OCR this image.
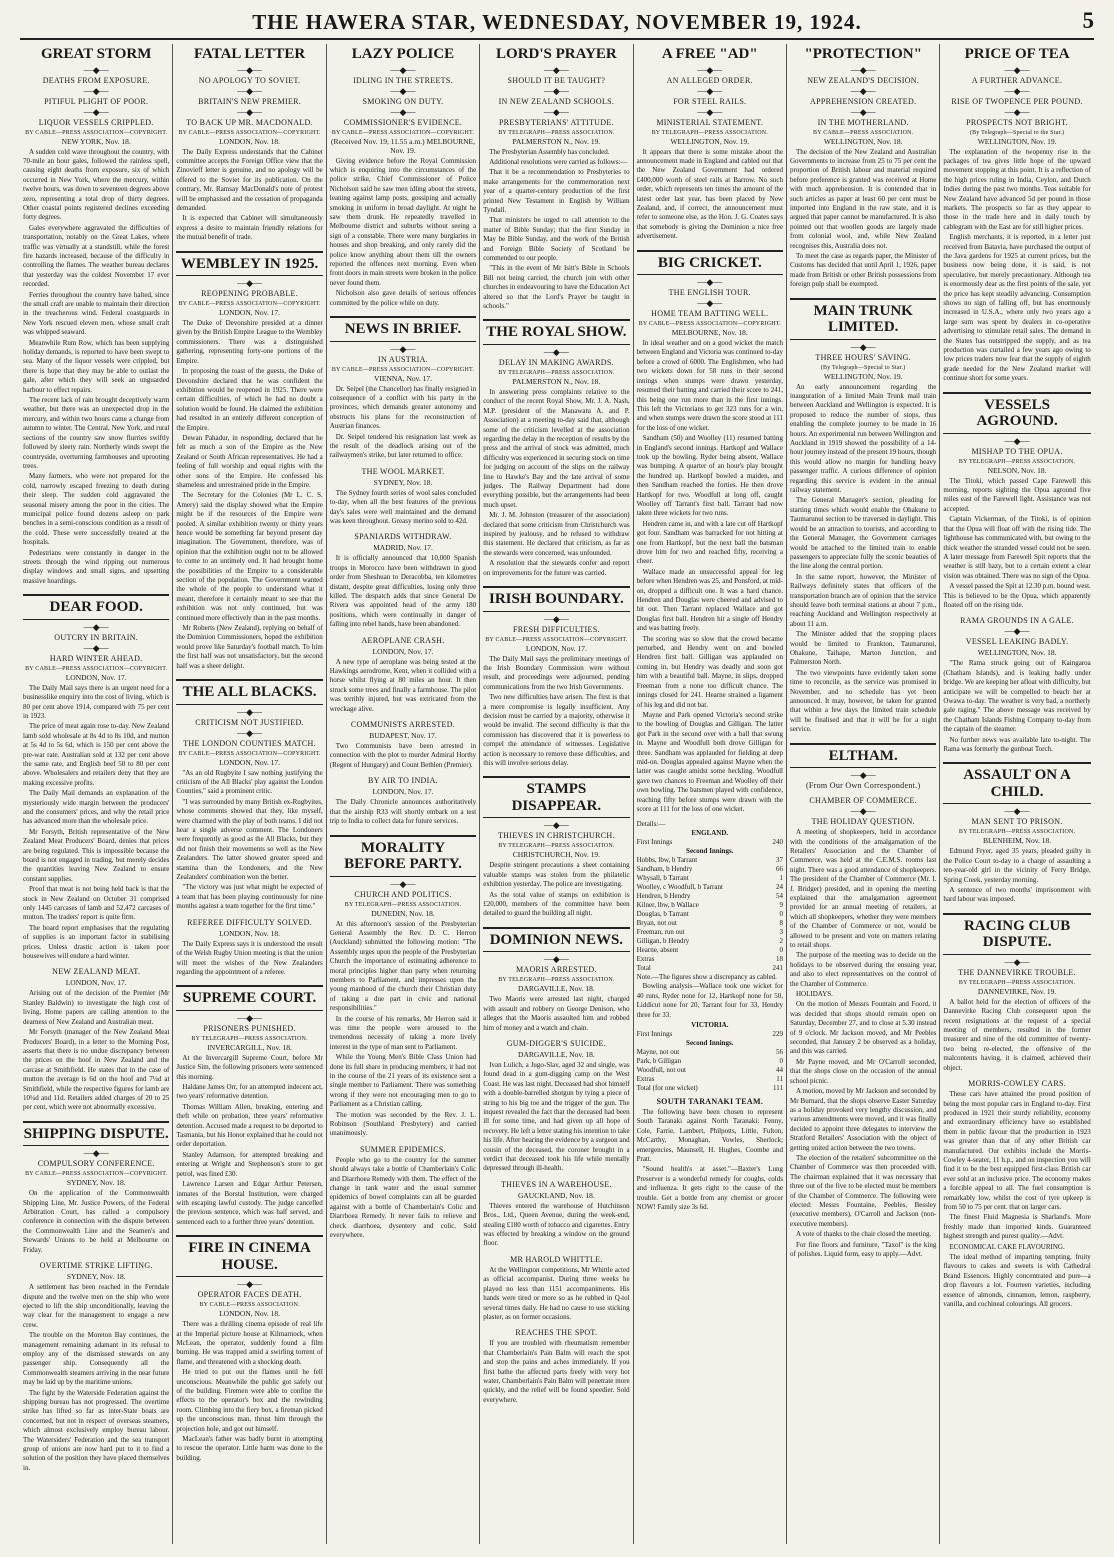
THE HAWERA STAR, WEDNESDAY, NOVEMBER 19, 1924.	5
GREAT STORM
—◆—
DEATHS FROM EXPOSURE.
—◆—
PITIFUL PLIGHT OF POOR.
—◆—
LIQUOR VESSELS CRIPPLED.
BY CABLE—PRESS ASSOCIATION—COPYRIGHT.
NEW YORK, Nov. 18.

A sudden cold wave throughout the country, with 70-mile an hour gales, followed the rainless spell, causing eight deaths from exposure, six of which occurred in New York, where the mercury, within twelve hours, was down to seventeen degrees above zero, representing a total drop of thirty degrees. Other coastal points registered declines exceeding forty degrees.

Gales everywhere aggravated the difficulties of transportation, notably on the Great Lakes, where traffic was virtually at a standstill, while the forest fire hazards increased, because of the difficulty in controlling the flames. The weather bureau declares that yesterday was the coldest November 17 ever recorded.

Ferries throughout the country have halted, since the small craft are unable to maintain their direction in the treacherous wind. Federal coastguards in New York rescued eleven men, whose small craft was whipped seaward.

Meanwhile Rum Row, which has been supplying holiday demands, is reported to have been swept to sea. Many of the liquor vessels were crippled, but there is hope that they may be able to outlast the gale, after which they will seek an unguarded harbour to effect repairs.

The recent lack of rain brought deceptively warm weather, but there was an unexpected drop in the mercury, and within two hours came a change from autumn to winter. The Central, New York, and rural sections of the country saw snow flurries swiftly followed by sleety rain. Northerly winds swept the countryside, overturning farmhouses and uprooting trees.

Many farmers, who were not prepared for the cold, narrowly escaped freezing to death during their sleep. The sudden cold aggravated the seasonal misery among the poor in the cities. The municipal police found dozens asleep on park benches in a semi-conscious condition as a result of the cold. These were successfully treated at the hospitals.

Pedestrians were constantly in danger in the streets through the wind ripping out numerous display windows and small signs, and upsetting massive hoardings.

DEAR FOOD.
—◆—
OUTCRY IN BRITAIN.
—◆—
HARD WINTER AHEAD.
BY CABLE—PRESS ASSOCIATION—COPYRIGHT.
LONDON, Nov. 17.

The Daily Mail says there is an urgent need for a businesslike enquiry into the cost of living, which is 80 per cent above 1914, compared with 75 per cent in 1923.

The price of meat again rose to-day. New Zealand lamb sold wholesale at 8s 4d to 8s 10d, and mutton at 5s 4d to 5s 6d, which is 150 per cent above the pre-war rate. Australian sold at 132 per cent above the same rate, and English beef 50 to 80 per cent above. Wholesalers and retailers deny that they are making excessive profits.

The Daily Mail demands an explanation of the mysteriously wide margin between the producers' and the consumers' prices, and why the retail price has advanced more than the wholesale price.

Mr Forsyth, British representative of the New Zealand Meat Producers' Board, denies that prices are being regulated. This is impossible because the board is not engaged in trading, but merely decides the quantities leaving New Zealand to ensure constant supplies.

Proof that meat is not being held back is that the stock in New Zealand on October 31 comprised only 1445 carcases of lamb and 52,472 carcases of mutton. The traders' report is quite firm.

The board report emphasises that the regulating of supplies is an important factor in stabilising prices. Unless drastic action is taken poor housewives will endure a hard winter.

NEW ZEALAND MEAT.
LONDON, Nov. 17.

Arising out of the decision of the Premier (Mr Stanley Baldwin) to investigate the high cost of living, Home papers are calling attention to the dearness of New Zealand and Australian meat.

Mr Forsyth (manager of the New Zealand Meat Producers' Board), in a letter to the Morning Post, asserts that there is no undue discrepancy between the prices on the hoof in New Zealand and the carcase at Smithfield. He states that in the case of mutton the average is 6d on the hoof and 7¼d at Smithfield, while the respective figures for lamb are 10¼d and 11d. Retailers added charges of 20 to 25 per cent, which were not abnormally excessive.

SHIPPING DISPUTE.
—◆—
COMPULSORY CONFERENCE.
BY CABLE—PRESS ASSOCIATION—COPYRIGHT.
SYDNEY, Nov. 18.

On the application of the Commonwealth Shipping Line, Mr. Justice Powers, of the Federal Arbitration Court, has called a compulsory conference in connection with the dispute between the Commonwealth Line and the Seamen's and Stewards' Unions to be held at Melbourne on Friday.

OVERTIME STRIKE LIFTING.
SYDNEY, Nov. 18.

A settlement has been reached in the Ferndale dispute and the twelve men on the ship who were ejected to lift the ship unconditionally, leaving the way clear for the management to engage a new crew.

The trouble on the Moreton Bay continues, the management remaining adamant in its refusal to employ any of the dismissed stewards on any passenger ship. Consequently all the Commonwealth steamers arriving in the near future may be laid up by the maritime unions.

The fight by the Waterside Federation against the shipping bureau has not progressed. The overtime strike has lifted so far as inter-State boats are concerned, but not in respect of overseas steamers, which almost exclusively employ bureau labour. The Watersiders' Federation and the sea transport group of unions are now hard put to it to find a solution of the position they have placed themselves in.

FATAL LETTER
—◆—
NO APOLOGY TO SOVIET.
—◆—
BRITAIN'S NEW PREMIER.
—◆—
TO BACK UP MR. MACDONALD.
BY CABLE—PRESS ASSOCIATION—COPYRIGHT.
LONDON, Nov. 18.

The Daily Express understands that the Cabinet committee accepts the Foreign Office view that the Zinovieff letter is genuine, and no apology will be offered to the Soviet for its publication. On the contrary, Mr. Ramsay MacDonald's note of protest will be emphasised and the cessation of propaganda demanded.

It is expected that Cabinet will simultaneously express a desire to maintain friendly relations for the mutual benefit of trade.

WEMBLEY IN 1925.
—◆—
REOPENING PROBABLE.
BY CABLE—PRESS ASSOCIATION—COPYRIGHT.
LONDON, Nov. 17.

The Duke of Devonshire presided at a dinner given by the British Empire League to the Wembley commissioners. There was a distinguished gathering, representing forty-one portions of the Empire.

In proposing the toast of the guests, the Duke of Devonshire declared that he was confident the exhibition would be reopened in 1925. There were certain difficulties, of which he had no doubt a solution would be found. He claimed the exhibition had resulted in an entirely different conception of the Empire.

Dewan Pahadur, in responding, declared that he felt as much a son of the Empire as the New Zealand or South African representatives. He had a feeling of full worship and equal rights with the other sons of the Empire. He confessed his shameless and unrestrained pride in the Empire.

The Secretary for the Colonies (Mr L. C. S. Amery) said the display showed what the Empire might be if the resources of the Empire were pooled. A similar exhibition twenty or thirty years hence would be something far beyond present day imagination. The Government, therefore, was of opinion that the exhibition ought not to be allowed to come to an untimely end. It had brought home the possibilities of the Empire to a considerable section of the population. The Government wanted the whole of the people to understand what it meant, therefore it certainly meant to see that the exhibition was not only continued, but was continued more effectively than in the past months.

Mr Roberts (New Zealand), replying on behalf of the Dominion Commissioners, hoped the exhibition would prove like Saturday's football match. To him the first half was not unsatisfactory, but the second half was a sheer delight.

THE ALL BLACKS.
—◆—
CRITICISM NOT JUSTIFIED.
—◆—
THE LONDON COUNTIES MATCH.
BY CABLE—PRESS ASSOCIATION—COPYRIGHT.
LONDON, Nov. 17.

"As an old Rugbyite I saw nothing justifying the criticism of the All Blacks' play against the London Counties," said a prominent critic.

"I was surrounded by many British ex-Rugbyites, whose comments showed that they, like myself, were charmed with the play of both teams. I did not hear a single adverse comment. The Londoners were frequently as good as the All Blacks, but they did not finish their movements so well as the New Zealanders. The latter showed greater speed and stamina than the Londoners, and the New Zealanders' combination won the better.

"The victory was just what might be expected of a team that has been playing continuously for nine months against a team together for the first time."

REFEREE DIFFICULTY SOLVED.
LONDON, Nov. 18.

The Daily Express says it is understood the result of the Welsh Rugby Union meeting is that the union will meet the wishes of the New Zealanders regarding the appointment of a referee.

SUPREME COURT.
—◆—
PRISONERS PUNISHED.
BY TELEGRAPH—PRESS ASSOCIATION.
INVERCARGILL, Nov. 18.

At the Invercargill Supreme Court, before Mr Justice Sim, the following prisoners were sentenced this morning.

Haldane James Orr, for an attempted indecent act, two years' reformative detention.

Thomas William Allen, breaking, entering and theft while on probation, three years' reformative detention. Accused made a request to be deported to Tasmania, but his Honor explained that he could not order deportation.

Stanley Adamson, for attempted breaking and entering at Wright and Stephenson's store to get petrol, was fined £30.

Lawrence Larsen and Edgar Arthur Petersen, inmates of the Borstal Institution, were charged with escaping lawful custody. The judge cancelled the previous sentence, which was half served, and sentenced each to a further three years' detention.

FIRE IN CINEMA HOUSE.
—◆—
OPERATOR FACES DEATH.
BY CABLE—PRESS ASSOCIATION.
LONDON, Nov. 18.

There was a thrilling cinema episode of real life at the Imperial picture house at Kilmarnock, when McLean, the operator, suddenly found a film burning. He was trapped amid a swirling torrent of flame, and threatened with a shocking death.

He tried to put out the flames until he fell unconscious. Meanwhile the public got safely out of the building. Firemen were able to confine the effects to the operator's box and the rewinding room. Climbing into the fiery box, a fireman picked up the unconscious man, thrust him through the projection hole, and got out himself.

MacLean's father was badly burnt in attempting to rescue the operator. Little harm was done to the building.

LAZY POLICE
—◆—
IDLING IN THE STREETS.
—◆—
SMOKING ON DUTY.
—◆—
COMMISSIONER'S EVIDENCE.
BY CABLE—PRESS ASSOCIATION—COPYRIGHT.
(Received Nov. 19, 11.55 a.m.) MELBOURNE, Nov. 19.

Giving evidence before the Royal Commission which is enquiring into the circumstances of the police strike, Chief Commissioner of Police Nicholson said he saw men idling about the streets, leaning against lamp posts, gossiping and actually smoking in uniform in broad daylight. At night he saw them drunk. He repeatedly travelled in Melbourne district and suburbs without seeing a sign of a constable. There were many burglaries in houses and shop breaking, and only rarely did the police know anything about them till the owners reported the offences next morning. Even when front doors in main streets were broken in the police never found them.

Nicholson also gave details of serious offences committed by the police while on duty.

NEWS IN BRIEF.
—◆—
IN AUSTRIA.
BY CABLE—PRESS ASSOCIATION—COPYRIGHT.
VIENNA, Nov. 17.

Dr. Seipel (the Chancellor) has finally resigned in consequence of a conflict with his party in the provinces, which demands greater autonomy and obstructs his plans for the reconstruction of Austrian finances.

Dr. Seipel tendered his resignation last week as the result of the deadlock arising out of the railwaymen's strike, but later returned to office.

THE WOOL MARKET.
SYDNEY, Nov. 18.

The Sydney fourth series of wool sales concluded to-day, when all the best features of the previous day's sales were well maintained and the demand was keen throughout. Greasy merino sold to 42d.

SPANIARDS WITHDRAW.
MADRID, Nov. 17.

It is officially announced that 10,000 Spanish troops in Morocco have been withdrawn in good order from Sheshuan to Deracobba, ten kilometres distant, despite great difficulties, losing only three killed. The despatch adds that since General De Rivera was appointed head of the army 180 positions, which were continually in danger of falling into rebel hands, have been abandoned.

AEROPLANE CRASH.
LONDON, Nov. 17.

A new type of aeroplane was being tested at the Hawkings aerodrome, Kent, when it collided with a horse whilst flying at 80 miles an hour. It then struck some trees and finally a farmhouse. The pilot was terribly injured, but was extricated from the wreckage alive.

COMMUNISTS ARRESTED.
BUDAPEST, Nov. 17.

Two Communists have been arrested in connection with the plot to murder Admiral Horthy (Regent of Hungary) and Count Bethlen (Premier).

BY AIR TO INDIA.
LONDON, Nov. 17.

The Daily Chronicle announces authoritatively that the airship R33 will shortly embark on a test trip to India to collect data for future services.

MORALITY BEFORE PARTY.
—◆—
CHURCH AND POLITICS.
BY TELEGRAPH—PRESS ASSOCIATION.
DUNEDIN, Nov. 18.

At this afternoon's session of the Presbyterian General Assembly the Rev. D. C. Herron (Auckland) submitted the following motion: "The Assembly urges upon the people of the Presbyterian Church the importance of estimating adherence to moral principles higher than party when returning members to Parliament, and impresses upon the young manhood of the church their Christian duty of taking a due part in civic and national responsibilities."

In the course of his remarks, Mr Herron said it was time the people were aroused to the tremendous necessity of taking a more lively interest in the type of man sent to Parliament.

While the Young Men's Bible Class Union had done its full share in producing members, it had not in the course of the 21 years of its existence sent a single member to Parliament. There was something wrong if they were not encouraging men to go to Parliament as a Christian calling.

The motion was seconded by the Rev. J. L. Robinson (Southland Presbytery) and carried unanimously.

SUMMER EPIDEMICS.

People who go to the country for the summer should always take a bottle of Chamberlain's Colic and Diarrhoea Remedy with them. The effect of the change in tank water and the usual summer epidemics of bowel complaints can all be guarded against with a bottle of Chamberlain's Colic and Diarrhoea Remedy. It never fails to relieve and check diarrhoea, dysentery and colic. Sold everywhere.

LORD'S PRAYER
—◆—
SHOULD IT BE TAUGHT?
—◆—
IN NEW ZEALAND SCHOOLS.
—◆—
PRESBYTERIANS' ATTITUDE.
BY TELEGRAPH—PRESS ASSOCIATION.
PALMERSTON N., Nov. 19.

The Presbyterian Assembly has concluded.

Additional resolutions were carried as follows:—

That it be a recommendation to Presbyteries to make arrangements for the commemoration next year of a quarter-century production of the first printed New Testament in English by William Tyndall.

That ministers be urged to call attention to the matter of Bible Sunday; that the first Sunday in May be Bible Sunday, and the work of the British and Foreign Bible Society of Scotland be commended to our people.

"This in the event of Mr Isitt's Bible in Schools Bill not being carried, the church join with other churches in endeavouring to have the Education Act altered so that the Lord's Prayer be taught in schools."

THE ROYAL SHOW.
—◆—
DELAY IN MAKING AWARDS.
BY TELEGRAPH—PRESS ASSOCIATION.
PALMERSTON N., Nov. 18.

In answering press complaints relative to the conduct of the recent Royal Show, Mr. J. A. Nash, M.P. (president of the Manawatu A. and P. Association) at a meeting to-day said that, although some of the criticism levelled at the association regarding the delay in the reception of results by the press and the arrival of stock was admitted, much difficulty was experienced in securing stock on time for judging on account of the slips on the railway line to Hawke's Bay and the late arrival of some judges. The Railway Department had done everything possible, but the arrangements had been much upset.

Mr. J. M. Johnston (treasurer of the association) declared that some criticism from Christchurch was inspired by jealousy, and he refused to withdraw this statement. He declared that criticism, as far as the stewards were concerned, was unfounded.

A resolution that the stewards confer and report on improvements for the future was carried.

IRISH BOUNDARY.
—◆—
FRESH DIFFICULTIES.
BY CABLE—PRESS ASSOCIATION—COPYRIGHT.
LONDON, Nov. 17.

The Daily Mail says the preliminary meetings of the Irish Boundary Commission were without result, and proceedings were adjourned, pending communications from the two Irish Governments.

Two new difficulties have arisen. The first is that a mere compromise is legally insufficient. Any decision must be carried by a majority, otherwise it would be invalid. The second difficulty is that the commission has discovered that it is powerless to compel the attendance of witnesses. Legislative action is necessary to remove these difficulties, and this will involve serious delay.

STAMPS DISAPPEAR.
—◆—
THIEVES IN CHRISTCHURCH.
BY TELEGRAPH—PRESS ASSOCIATION.
CHRISTCHURCH, Nov. 19.

Despite stringent precautions a sheet containing valuable stamps was stolen from the philatelic exhibition yesterday. The police are investigating.

As the total value of stamps on exhibition is £20,000, members of the committee have been detailed to guard the building all night.

DOMINION NEWS.
—◆—
MAORIS ARRESTED.
BY TELEGRAPH—PRESS ASSOCIATION.
DARGAVILLE, Nov. 18.

Two Maoris were arrested last night, charged with assault and robbery on George Denison, who alleges that the Maoris assaulted him and robbed him of money and a watch and chain.

GUM-DIGGER'S SUICIDE.
DARGAVILLE, Nov. 18.

Ivan Lulich, a Jugo-Slav, aged 32 and single, was found dead in a gum-digging camp on the West Coast. He was last night. Deceased had shot himself with a double-barrelled shotgun by tying a piece of string to his big toe and the trigger of the gun. The inquest revealed the fact that the deceased had been ill for some time, and had given up all hope of recovery. He left a letter stating his intention to take his life. After hearing the evidence by a surgeon and cousin of the deceased, the coroner brought in a verdict that deceased took his life while mentally depressed through ill-health.

THIEVES IN A WAREHOUSE.
GAUCKLAND, Nov. 18.

Thieves entered the warehouse of Hutchinson Bros., Ltd., Queen Avenue, during the week-end, stealing £180 worth of tobacco and cigarettes. Entry was effected by breaking a window on the ground floor.

MR HAROLD WHITTLE.

At the Wellington competitions, Mr Whittle acted as official accompanist. During three weeks he played no less than 1151 accompaniments. His hands were tired or more so as he rubbed in Q-tol several times daily. He had no cause to use sticking plaster, as on former occasions.

REACHES THE SPOT.

If you are troubled with rheumatism remember that Chamberlain's Pain Balm will reach the spot and stop the pains and aches immediately. If you first bathe the affected parts freely with very hot water, Chamberlain's Pain Balm will penetrate more quickly, and the relief will be found speedier. Sold everywhere.

A FREE "AD"
—◆—
AN ALLEGED ORDER.
—◆—
FOR STEEL RAILS.
—◆—
MINISTERIAL STATEMENT.
BY TELEGRAPH—PRESS ASSOCIATION.
WELLINGTON, Nov. 19.

It appears that there is some mistake about the announcement made in England and cabled out that the New Zealand Government had ordered £400,000 worth of steel rails at Barrow. No such order, which represents ten times the amount of the latest order last year, has been placed by New Zealand, and, if correct, the announcement must refer to someone else, as the Hon. J. G. Coates says that somebody is giving the Dominion a nice free advertisement.

BIG CRICKET.
—◆—
THE ENGLISH TOUR.
—◆—
HOME TEAM BATTING WELL.
BY CABLE—PRESS ASSOCIATION—COPYRIGHT.
MELBOURNE, Nov. 18.

In ideal weather and on a good wicket the match between England and Victoria was continued to-day before a crowd of 6000. The Englishmen, who had two wickets down for 58 runs in their second innings when stumps were drawn yesterday, resumed their batting and carried their score to 241, this being one run more than in the first innings. This left the Victorians to get 323 runs for a win, and when stumps were drawn the score stood at 111 for the loss of one wicket.

Sandham (50) and Woolley (11) resumed batting in England's second innings. Hartkopf and Wallace took up the bowling. Ryder being absent, Wallace was bumping. A quarter of an hour's play brought the hundred up. Hartkopf bowled a maiden, and then Sandham reached the forties. He then drove Hartkopf for two. Woodfull at long off, caught Woolley off Tarrant's first ball. Tarrant had now taken three wickets for two runs.

Hendren came in, and with a late cut off Hartkopf got four. Sandham was barracked for not hitting at one from Hartkopf, but the next ball the batsman drove him for two and reached fifty, receiving a cheer.

Wallace made an unsuccessful appeal for leg before when Hendren was 25, and Ponsford, at mid-on, dropped a difficult one. It was a hard chance. Hendren and Douglas were cheered and advised to hit out. Then Tarrant replaced Wallace and got Douglas first ball. Hendren hit a single off Hendry and was batting freely.

The scoring was so slow that the crowd became perturbed, and Hendry went on and bowled Hendren first ball. Gilligan was applauded on coming in, but Hendry was deadly and soon got him with a beautiful ball. Mayne, in slips, dropped Freeman from a none too difficult chance. The innings closed for 241. Hearne strained a ligament of his leg and did not bat.

Mayne and Park opened Victoria's second strike to the bowling of Douglas and Gilligan. The latter got Park in the second over with a ball that swung in. Mayne and Woodfull both drove Gilligan for three. Sandham was applauded for fielding at deep mid-on. Douglas appealed against Mayne when the latter was caught amidst some heckling. Woodfull gave two chances to Freeman and Woolley off their own bowling. The batsmen played with confidence, reaching fifty before stumps were drawn with the score at 111 for the loss of one wicket.

Details:—
ENGLAND.
First Innings	240
Second Innings.
Hobbs, lbw, b Tarrant	37
Sandham, b Hendry	66
Whysall, b Tarrant	1
Woolley, c Woodfull, b Tarrant	24
Hendren, b Hendry	54
Kilner, lbw, b Wallace	9
Douglas, b Tarrant	0
Bryan, not out	8
Freeman, run out	3
Gilligan, b Hendry	2
Hearne, absent	0
Extras	18
Total	241
Note.—The figures show a discrepancy as cabled.

Bowling analysis—Wallace took one wicket for 40 runs, Ryder none for 12, Hartkopf none for 50, Liddicut none for 20, Tarrant four for 33, Hendry three for 33.

VICTORIA.
First Innings	229
Second Innings.
Mayne, not out	56
Park, b Gilligan	0
Woodfull, not out	44
Extras	11
Total (for one wicket)	111
SOUTH TARANAKI TEAM.

The following have been chosen to represent South Taranaki against North Taranaki: Fenny, Cole, Farrie, Lambert, Philpotts, Little, Fulton, McCarthy, Monaghan, Vowles, Sherlock; emergencies, Maunsell, H. Hughes, Coombe and Pratt.

"Sound health's at asset."—Baxter's Lung Preserver is a wonderful remedy for coughs, colds and influenza. It gets right to the cause of the trouble. Get a bottle from any chemist or grocer NOW! Family size 3s 6d.

"PROTECTION"
—◆—
NEW ZEALAND'S DECISION.
—◆—
APPREHENSION CREATED.
—◆—
IN THE MOTHERLAND.
BY CABLE—PRESS ASSOCIATION.
WELLINGTON, Nov. 18.

The decision of the New Zealand and Australian Governments to increase from 25 to 75 per cent the proportion of British labour and material required before preference is granted was received at Home with much apprehension. It is contended that in such articles as paper at least 60 per cent must be imported into England in the raw state, and it is argued that paper cannot be manufactured. It is also pointed out that woollen goods are largely made from colonial wool, and, while New Zealand recognises this, Australia does not.

To meet the case as regards paper, the Minister of Customs has decided that until April 1, 1926, paper made from British or other British possessions from foreign pulp shall be exempted.

MAIN TRUNK LIMITED.
—◆—
THREE HOURS' SAVING.
(By Telegraph—Special to Star.)
WELLINGTON, Nov. 19.

An early announcement regarding the inauguration of a limited Main Trunk mail train between Auckland and Wellington is expected. It is proposed to reduce the number of stops, thus enabling the complete journey to be made in 16 hours. An experimental run between Wellington and Auckland in 1919 showed the possibility of a 14-hour journey instead of the present 19 hours, though this would allow no margin for handling heavy passenger traffic. A curious difference of opinion regarding this service is evident in the annual railway statement.

The General Manager's section, pleading for starting times which would enable the Ohakune to Taumarunui section to be traversed in daylight. This would be an attraction to tourists, and according to the General Manager, the Government carriages would be attached to the limited train to enable passengers to appreciate fully the scenic beauties of the line along the central portion.

In the same report, however, the Minister of Railways definitely states that officers of the transportation branch are of opinion that the service should leave both terminal stations at about 7 p.m., reaching Auckland and Wellington respectively at about 11 a.m.

The Minister added that the stopping places would be limited to Frankton, Taumarunui, Ohakune, Taihape, Marton Junction, and Palmerston North.

The two viewpoints have evidently taken some time to reconcile, as the service was promised in November, and no schedule has yet been announced. It may, however, be taken for granted that within a few days the limited train schedule will be finalised and that it will be for a night service.

ELTHAM.
—◆—
(From Our Own Correspondent.)
CHAMBER OF COMMERCE.
—◆—
THE HOLIDAY QUESTION.

A meeting of shopkeepers, held in accordance with the conditions of the amalgamation of the Retailers' Association and the Chamber of Commerce, was held at the C.E.M.S. rooms last night. There was a good attendance of shopkeepers. The president of the Chamber of Commerce (Mr. I. J. Bridger) presided, and in opening the meeting explained that the amalgamation agreement provided for an annual meeting of retailers, at which all shopkeepers, whether they were members of the Chamber of Commerce or not, would be allowed to be present and vote on matters relating to retail shops.

The purpose of the meeting was to decide on the holidays to be observed during the ensuing year, and also to elect representatives on the control of the Chamber of Commerce.

HOLIDAYS.

On the motion of Messrs Fountain and Foord, it was decided that shops should remain open on Saturday, December 27, and to close at 5.30 instead of 9 o'clock. Mr Jackson moved, and Mr Peebles seconded, that January 2 be observed as a holiday, and this was carried.

Mr Payne moved, and Mr O'Carroll seconded, that the shops close on the occasion of the annual school picnic.

A motion, moved by Mr Jackson and seconded by Mr Burnard, that the shops observe Easter Saturday as a holiday provoked very lengthy discussion, and various amendments were moved, and it was finally decided to appoint three delegates to interview the Stratford Retailers' Association with the object of getting united action between the two towns.

The election of the retailers' subcommittee on the Chamber of Commerce was then proceeded with. The chairman explained that it was necessary that three out of the five to be elected must be members of the Chamber of Commerce. The following were elected: Messrs Fountaine, Peebles, Bessley (executive members), O'Carroll and Jackson (non-executive members).

A vote of thanks to the chair closed the meeting.

For fine floors and furniture, "Taxol" is the king of polishes. Liquid form, easy to apply.—Advt.

PRICE OF TEA
—◆—
A FURTHER ADVANCE.
—◆—
RISE OF TWOPENCE PER POUND.
—◆—
PROSPECTS NOT BRIGHT.
(By Telegraph—Special to the Star.)
WELLINGTON, Nov. 19.

The explanation of the twopenny rise in the packages of tea gives little hope of the upward movement stopping at this point. It is a reflection of the high prices ruling in India, Ceylon, and Dutch Indies during the past two months. Teas suitable for New Zealand have advanced 5d per pound in those markets. The prospects so far as they appear to those in the trade here and in daily touch by cablegram with the East are for still higher prices.

English merchants, it is reported, in a letter just received from Batavia, have purchased the output of the Java gardens for 1925 at current prices, but the business now being done, it is said, is not speculative, but merely precautionary. Although tea is enormously dear as the first points of the sale, yet the price has kept steadily advancing. Consumption shows no sign of falling off, but has enormously increased in U.S.A., where only two years ago a large sum was spent by dealers in co-operative advertising to stimulate retail sales. The demand in the States has outstripped the supply, and as tea production was curtailed a few years ago owing to low prices traders now fear that the supply of eighth grade needed for the New Zealand market will continue short for some years.

VESSELS AGROUND.
—◆—
MISHAP TO THE OPUA.
BY TELEGRAPH—PRESS ASSOCIATION.
NELSON, Nov. 18.

The Titoki, which passed Cape Farewell this morning, reports sighting the Opua aground five miles east of the Farewell light. Assistance was not accepted.

Captain Vickerman, of the Titoki, is of opinion that the Opua will float off with the rising tide. The lighthouse has communicated with, but owing to the thick weather the stranded vessel could not be seen. A later message from Farewell Spit reports that the weather is still hazy, but to a certain extent a clear vision was obtained. There was no sign of the Opua.

A vessel passed the Spit at 12.30 p.m. bound west. This is believed to be the Opua, which apparently floated off on the rising tide.

RAMA GROUNDS IN A GALE.
—◆—
VESSEL LEAKING BADLY.
WELLINGTON, Nov. 18.

"The Rama struck going out of Kaingaroa (Chatham Islands), and is leaking badly under bridge. We are keeping her afloat with difficulty, but anticipate we will be compelled to beach her at Owawa to-day. The weather is very bad, a northerly gale raging." The above message was received by the Chatham Islands Fishing Company to-day from the captain of the steamer.

No further news was available late to-night. The Rama was formerly the gunboat Torch.

ASSAULT ON A CHILD.
—◆—
MAN SENT TO PRISON.
BY TELEGRAPH—PRESS ASSOCIATION.
BLENHEIM, Nov. 18.

Edmund Fryer, aged 35 years, pleaded guilty in the Police Court to-day to a charge of assaulting a ten-year-old girl in the vicinity of Ferry Bridge, Spring Creek, yesterday morning.

A sentence of two months' imprisonment with hard labour was imposed.

RACING CLUB DISPUTE.
—◆—
THE DANNEVIRKE TROUBLE.
BY TELEGRAPH—PRESS ASSOCIATION.
DANNEVIRKE, Nov. 19.

A ballot held for the election of officers of the Dannevirke Racing Club consequent upon the recent resignations at the request of a special meeting of members, resulted in the former treasurer and nine of the old committee of twenty-two being re-elected, the offensive of the malcontents having, it is claimed, achieved their object.

MORRIS-COWLEY CARS.

These cars have attained the proud position of being the most popular cars in England to-day. First produced in 1921 their sturdy reliability, economy and extraordinary efficiency have so established them in public favour that the production in 1923 was greater than that of any other British car manufactured. Our exhibits include the Morris-Cowley 4-seater, 11 h.p., and on inspection you will find it to be the best equipped first-class British car ever sold at an inclusive price. The economy makes a forcible appeal to all. The fuel consumption is remarkably low, whilst the cost of tyre upkeep is from 50 to 75 per cent. that on larger cars.

The finest Fluid Magnesia is Sharland's. More freshly made than imported kinds. Guaranteed highest strength and purest quality.—Advt.

ECONOMICAL CAKE FLAVOURING.

The ideal method of imparting tempting, fruity flavours to cakes and sweets is with Cathedral Brand Essences. Highly concentrated and pure—a drop flavours a lot. Fourteen varieties, including essence of almonds, cinnamon, lemon, raspberry, vanilla, and cochineal colourings. All grocers.
